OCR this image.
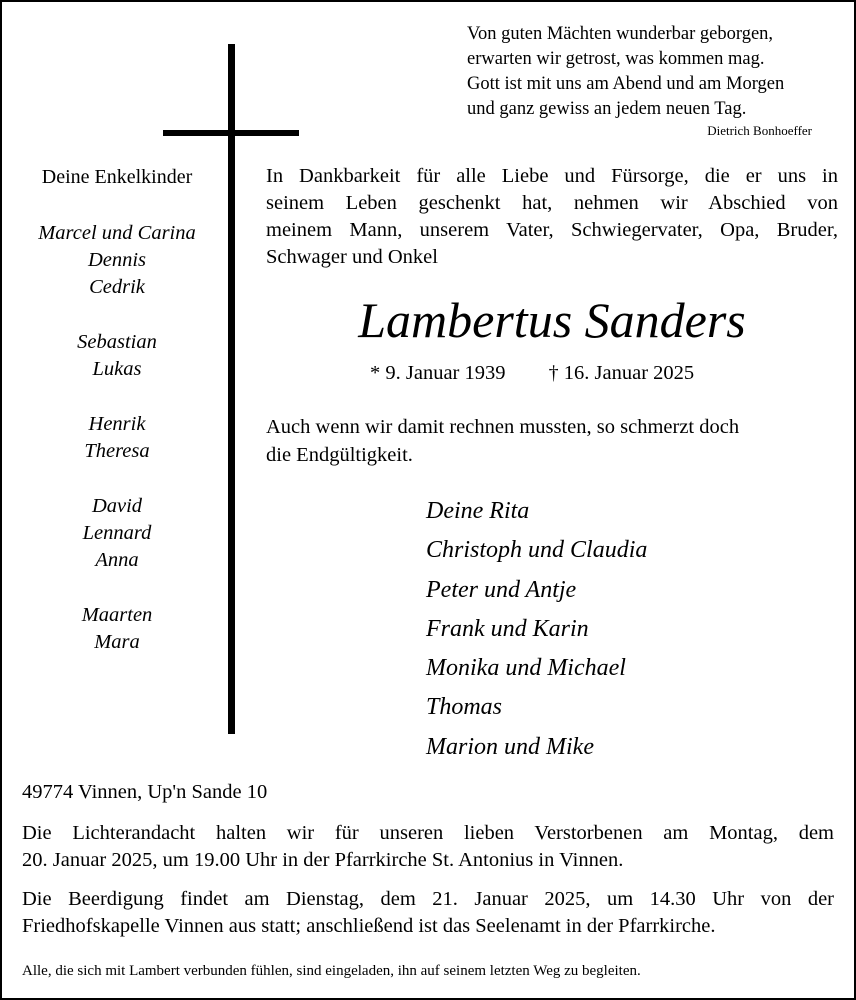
Von guten Mächten wunderbar geborgen,
erwarten wir getrost, was kommen mag.
Gott ist mit uns am Abend und am Morgen
und ganz gewiss an jedem neuen Tag.
Dietrich Bonhoeffer
Deine Enkelkinder
Marcel und Carina
Dennis
Cedrik
Sebastian
Lukas
Henrik
Theresa
David
Lennard
Anna
Maarten
Mara
In Dankbarkeit für alle Liebe und Fürsorge, die er uns in
seinem Leben geschenkt hat, nehmen wir Abschied von
meinem Mann, unserem Vater, Schwiegervater, Opa, Bruder,
Schwager und Onkel
Lambertus Sanders
* 9. Januar 1939 † 16. Januar 2025
Auch wenn wir damit rechnen mussten, so schmerzt doch
die Endgültigkeit.
Deine Rita
Christoph und Claudia
Peter und Antje
Frank und Karin
Monika und Michael
Thomas
Marion und Mike
49774 Vinnen, Up'n Sande 10
Die Lichterandacht halten wir für unseren lieben Verstorbenen am Montag, dem
20. Januar 2025, um 19.00 Uhr in der Pfarrkirche St. Antonius in Vinnen.
Die Beerdigung findet am Dienstag, dem 21. Januar 2025, um 14.30 Uhr von der
Friedhofskapelle Vinnen aus statt; anschließend ist das Seelenamt in der Pfarrkirche.
Alle, die sich mit Lambert verbunden fühlen, sind eingeladen, ihn auf seinem letzten Weg zu begleiten.
